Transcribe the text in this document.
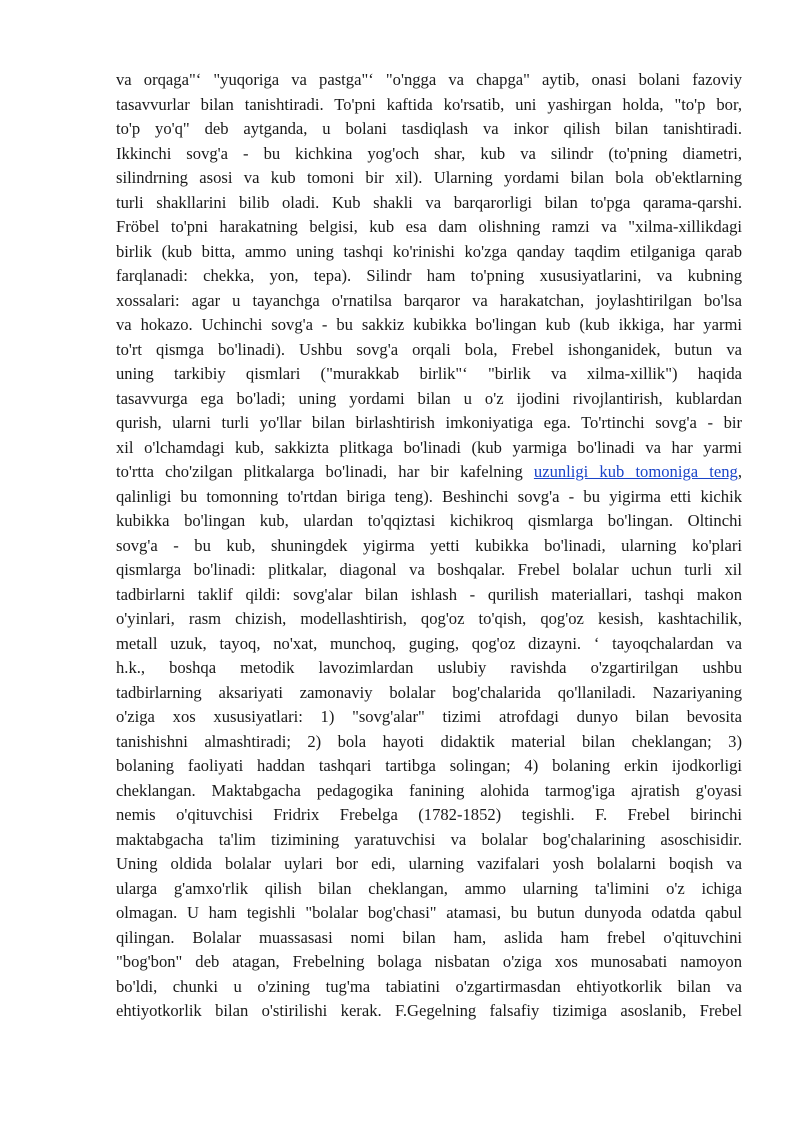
va orqaga"‘ "yuqoriga va pastga"‘ "o'ngga va chapga" aytib, onasi bolani fazoviy
tasavvurlar bilan tanishtiradi. To'pni kaftida ko'rsatib, uni yashirgan holda, "to'p bor,
to'p yo'q" deb aytganda, u bolani tasdiqlash va inkor qilish bilan tanishtiradi.
Ikkinchi sovg'a - bu kichkina yog'och shar, kub va silindr (to'pning diametri,
silindrning asosi va kub tomoni bir xil). Ularning yordami bilan bola ob'ektlarning
turli shakllarini bilib oladi. Kub shakli va barqarorligi bilan to'pga qarama-qarshi.
Fröbel to'pni harakatning belgisi, kub esa dam olishning ramzi va "xilma-xillikdagi
birlik (kub bitta, ammo uning tashqi ko'rinishi ko'zga qanday taqdim etilganiga qarab
farqlanadi: chekka, yon, tepa). Silindr ham to'pning xususiyatlarini, va kubning
xossalari: agar u tayanchga o'rnatilsa barqaror va harakatchan, joylashtirilgan bo'lsa
va hokazo. Uchinchi sovg'a - bu sakkiz kubikka bo'lingan kub (kub ikkiga, har yarmi
to'rt qismga bo'linadi). Ushbu sovg'a orqali bola, Frebel ishonganidek, butun va
uning tarkibiy qismlari ("murakkab birlik"‘ "birlik va xilma-xillik") haqida
tasavvurga ega bo'ladi; uning yordami bilan u o'z ijodini rivojlantirish, kublardan
qurish, ularni turli yo'llar bilan birlashtirish imkoniyatiga ega. To'rtinchi sovg'a - bir
xil o'lchamdagi kub, sakkizta plitkaga bo'linadi (kub yarmiga bo'linadi va har yarmi
to'rtta cho'zilgan plitkalarga bo'linadi, har bir kafelning uzunligi kub tomoniga teng,
qalinligi bu tomonning to'rtdan biriga teng). Beshinchi sovg'a - bu yigirma etti kichik
kubikka bo'lingan kub, ulardan to'qqiztasi kichikroq qismlarga bo'lingan. Oltinchi
sovg'a - bu kub, shuningdek yigirma yetti kubikka bo'linadi, ularning ko'plari
qismlarga bo'linadi: plitkalar, diagonal va boshqalar. Frebel bolalar uchun turli xil
tadbirlarni taklif qildi: sovg'alar bilan ishlash - qurilish materiallari, tashqi makon
o'yinlari, rasm chizish, modellashtirish, qog'oz to'qish, qog'oz kesish, kashtachilik,
metall uzuk, tayoq, no'xat, munchoq, guging, qog'oz dizayni. ‘ tayoqchalardan va
h.k., boshqa metodik lavozimlardan uslubiy ravishda o'zgartirilgan ushbu
tadbirlarning aksariyati zamonaviy bolalar bog'chalarida qo'llaniladi. Nazariyaning
o'ziga xos xususiyatlari: 1) "sovg'alar" tizimi atrofdagi dunyo bilan bevosita
tanishishni almashtiradi; 2) bola hayoti didaktik material bilan cheklangan; 3)
bolaning faoliyati haddan tashqari tartibga solingan; 4) bolaning erkin ijodkorligi
cheklangan. Maktabgacha pedagogika fanining alohida tarmog'iga ajratish g'oyasi
nemis o'qituvchisi Fridrix Frebelga (1782-1852) tegishli. F. Frebel birinchi
maktabgacha ta'lim tizimining yaratuvchisi va bolalar bog'chalarining asoschisidir.
Uning oldida bolalar uylari bor edi, ularning vazifalari yosh bolalarni boqish va
ularga g'amxo'rlik qilish bilan cheklangan, ammo ularning ta'limini o'z ichiga
olmagan. U ham tegishli "bolalar bog'chasi" atamasi, bu butun dunyoda odatda qabul
qilingan. Bolalar muassasasi nomi bilan ham, aslida ham frebel o'qituvchini
"bog'bon" deb atagan, Frebelning bolaga nisbatan o'ziga xos munosabati namoyon
bo'ldi, chunki u o'zining tug'ma tabiatini o'zgartirmasdan ehtiyotkorlik bilan va
ehtiyotkorlik bilan o'stirilishi kerak. F.Gegelning falsafiy tizimiga asoslanib, Frebel
